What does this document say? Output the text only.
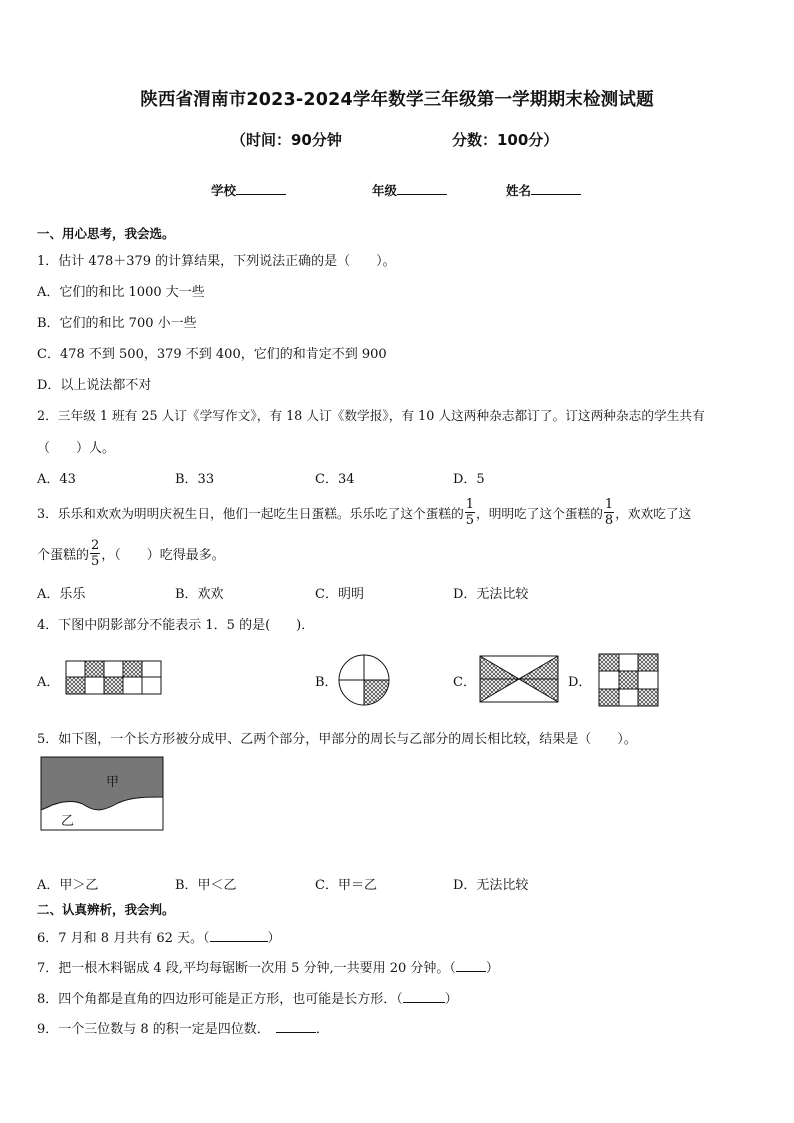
陕西省渭南市2023-2024学年数学三年级第一学期期末检测试题
（时间：90分钟	分数：100分）
学校	年级	姓名
一、用心思考，我会选。
1．估计 478＋379 的计算结果，下列说法正确的是（　　）。
A．它们的和比 1000 大一些
B．它们的和比 700 小一些
C．478 不到 500，379 不到 400，它们的和肯定不到 900
D．以上说法都不对
2．三年级 1 班有 25 人订《学写作文》，有 18 人订《数学报》，有 10 人这两种杂志都订了。订这两种杂志的学生共有
（　　）人。
A．43	B．33	C．34	D．5
3．乐乐和欢欢为明明庆祝生日，他们一起吃生日蛋糕。乐乐吃了这个蛋糕的 $\frac{1}{5}$ ，明明吃了这个蛋糕的 $\frac{1}{8}$ ，欢欢吃了这
个蛋糕的 $\frac{2}{5}$ ，（　　）吃得最多。
A．乐乐	B．欢欢	C．明明	D．无法比较
4．下图中阴影部分不能表示 1．5 的是(　　)．
A．	B．	C．	D．
5．如下图，一个长方形被分成甲、乙两个部分，甲部分的周长与乙部分的周长相比较，结果是（　　）。
甲
乙
A．甲＞乙	B．甲＜乙	C．甲＝乙	D．无法比较
二、认真辨析，我会判。
6．7 月和 8 月共有 62 天。（	）
7．把一根木料锯成 4 段,平均每锯断一次用 5 分钟,一共要用 20 分钟。（ ）
8．四个角都是直角的四边形可能是正方形，也可能是长方形．（	）
9．一个三位数与 8 的积一定是四位数．	．
